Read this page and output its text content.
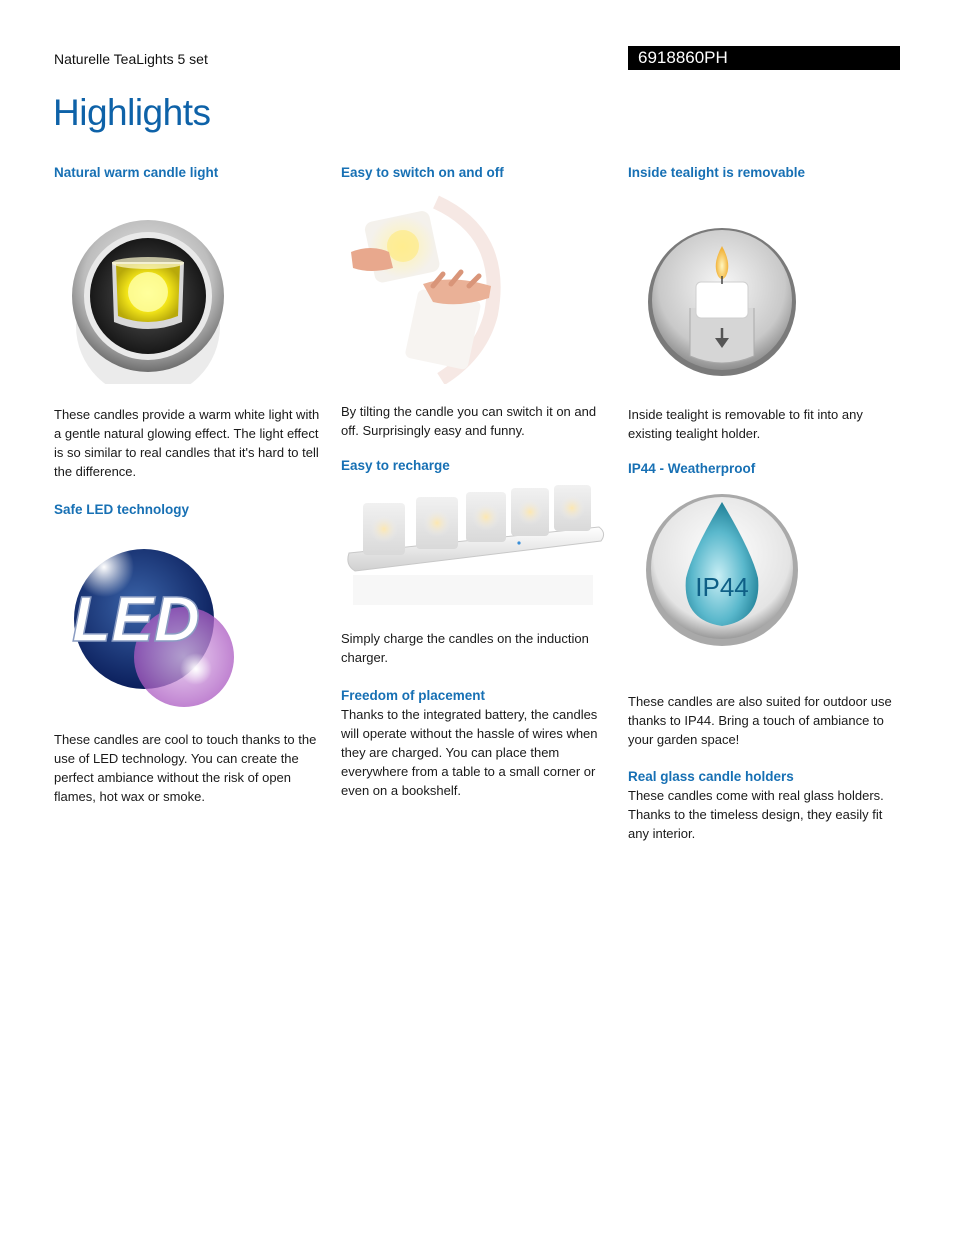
Naturelle TeaLights 5 set	6918860PH
Highlights

Natural warm candle light

These candles provide a warm white light with a gentle natural glowing effect. The light effect is so similar to real candles that it's hard to tell the difference.

Safe LED technology

LED

These candles are cool to touch thanks to the use of LED technology. You can create the perfect ambiance without the risk of open flames, hot wax or smoke.

Easy to switch on and off

By tilting the candle you can switch it on and off. Surprisingly easy and funny.

Easy to recharge

Simply charge the candles on the induction charger.

Freedom of placement

Thanks to the integrated battery, the candles will operate without the hassle of wires when they are charged. You can place them everywhere from a table to a small corner or even on a bookshelf.

Inside tealight is removable

Inside tealight is removable to fit into any existing tealight holder.

IP44 - Weatherproof

IP44

These candles are also suited for outdoor use thanks to IP44. Bring a touch of ambiance to your garden space!

Real glass candle holders

These candles come with real glass holders. Thanks to the timeless design, they easily fit any interior.
